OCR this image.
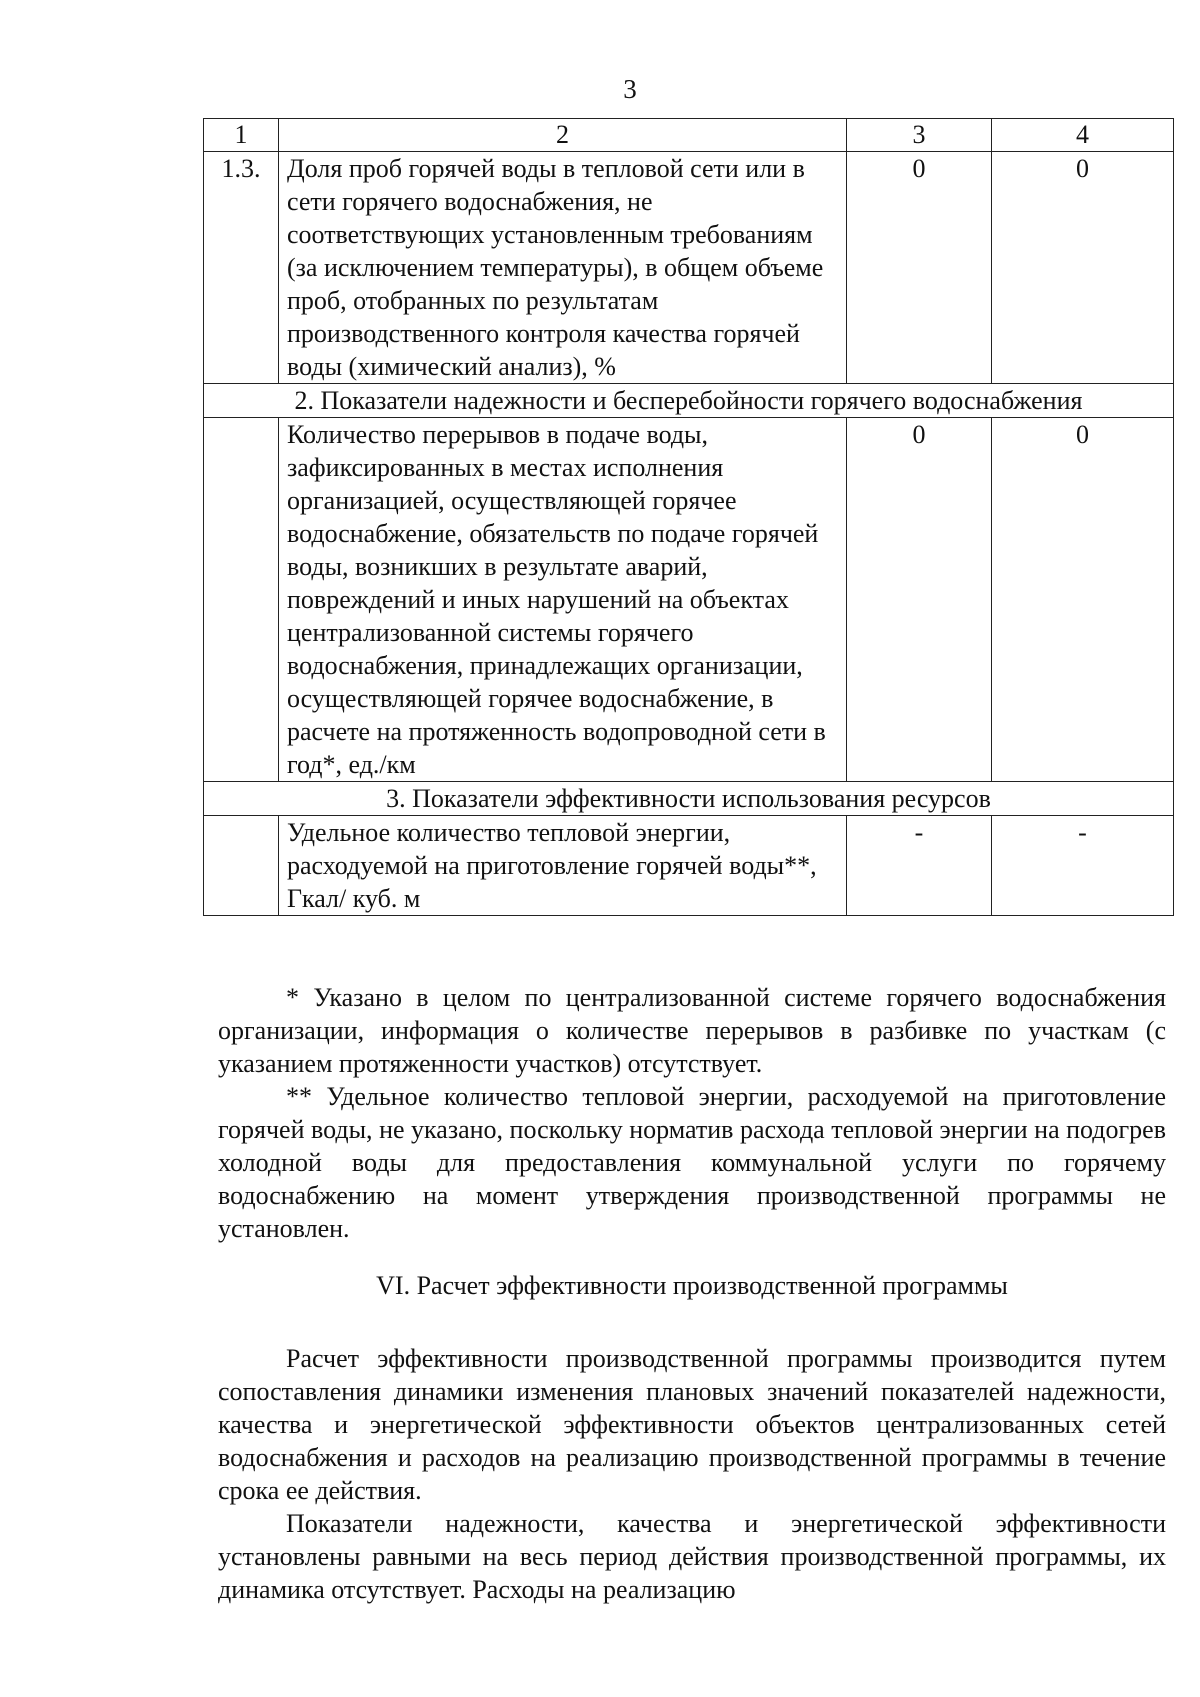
3
1	2	3	4
1.3.	Доля проб горячей воды в тепловой сети или в сети горячего водоснабжения, не соответствующих установленным требованиям (за исключением температуры), в общем объеме проб, отобранных по результатам производственного контроля качества горячей воды (химический анализ), %	0	0
2. Показатели надежности и бесперебойности горячего водоснабжения			
	Количество перерывов в подаче воды, зафиксированных в местах исполнения организацией, осуществляющей горячее водоснабжение, обязательств по подаче горячей воды, возникших в результате аварий, повреждений и иных нарушений на объектах централизованной системы горячего водоснабжения, принадлежащих организации, осуществляющей горячее водоснабжение, в расчете на протяженность водопроводной сети в год*, ед./км	0	0
3. Показатели эффективности использования ресурсов			
	Удельное количество тепловой энергии, расходуемой на приготовление горячей воды**, Гкал/ куб. м	-	-

* Указано в целом по централизованной системе горячего водоснабжения организации, информация о количестве перерывов в разбивке по участкам (с указанием протяженности участков) отсутствует.

** Удельное количество тепловой энергии, расходуемой на приготовление горячей воды, не указано, поскольку норматив расхода тепловой энергии на подогрев холодной воды для предоставления коммунальной услуги по горячему водоснабжению на момент утверждения производственной программы не установлен.

VI. Расчет эффективности производственной программы

Расчет эффективности производственной программы производится путем сопоставления динамики изменения плановых значений показателей надежности, качества и энергетической эффективности объектов централизованных сетей водоснабжения и расходов на реализацию производственной программы в течение срока ее действия.

Показатели надежности, качества и энергетической эффективности установлены равными на весь период действия производственной программы, их динамика отсутствует. Расходы на реализацию
